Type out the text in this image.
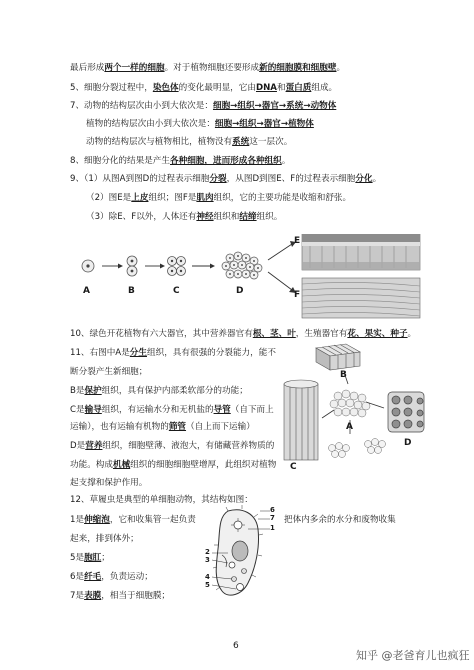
最后形成两个一样的细胞。对于植物细胞还要形成新的细胞膜和细胞壁。
5、细胞分裂过程中，染色体的变化最明显，它由DNA和蛋白质组成。
7、动物的结构层次由小到大依次是：细胞→组织→器官→系统→动物体
植物的结构层次由小到大依次是：细胞→组织→器官→植物体
动物的结构层次与植物相比，植物没有系统这一层次。
8、细胞分化的结果是产生各种细胞，进而形成各种组织。
9、（1）从图A到图D的过程表示细胞分裂，从图D到图E、F的过程表示细胞分化。
（2）图E是上皮组织；图F是肌肉组织，它的主要功能是收缩和舒张。
（3）除E、F以外，人体还有神经组织和结缔组织。
A	B	C	D
E
F
10、绿色开花植物有六大器官，其中营养器官有根、茎、叶，生殖器官有花、果实、种子。
11、右图中A是分生组织，具有很强的分裂能力，能不
断分裂产生新细胞；
B是保护组织，具有保护内部柔软部分的功能；
C是输导组织，有运输水分和无机盐的导管（自下而上
运输），也有运输有机物的筛管（自上而下运输）
D是营养组织，细胞壁薄、液泡大，有储藏营养物质的
功能。构成机械组织的细胞细胞壁增厚，此组织对植物
起支撑和保护作用。
B
A
C
D
12、草履虫是典型的单细胞动物，其结构如图：
6
7
1
2
3
4
5
1是伸缩泡，它和收集管一起负责	把体内多余的水分和废物收集
起来，排到体外；
5是胞肛；
6是纤毛，负责运动；
7是表膜，相当于细胞膜；
6
知乎 @老爸育儿也疯狂
